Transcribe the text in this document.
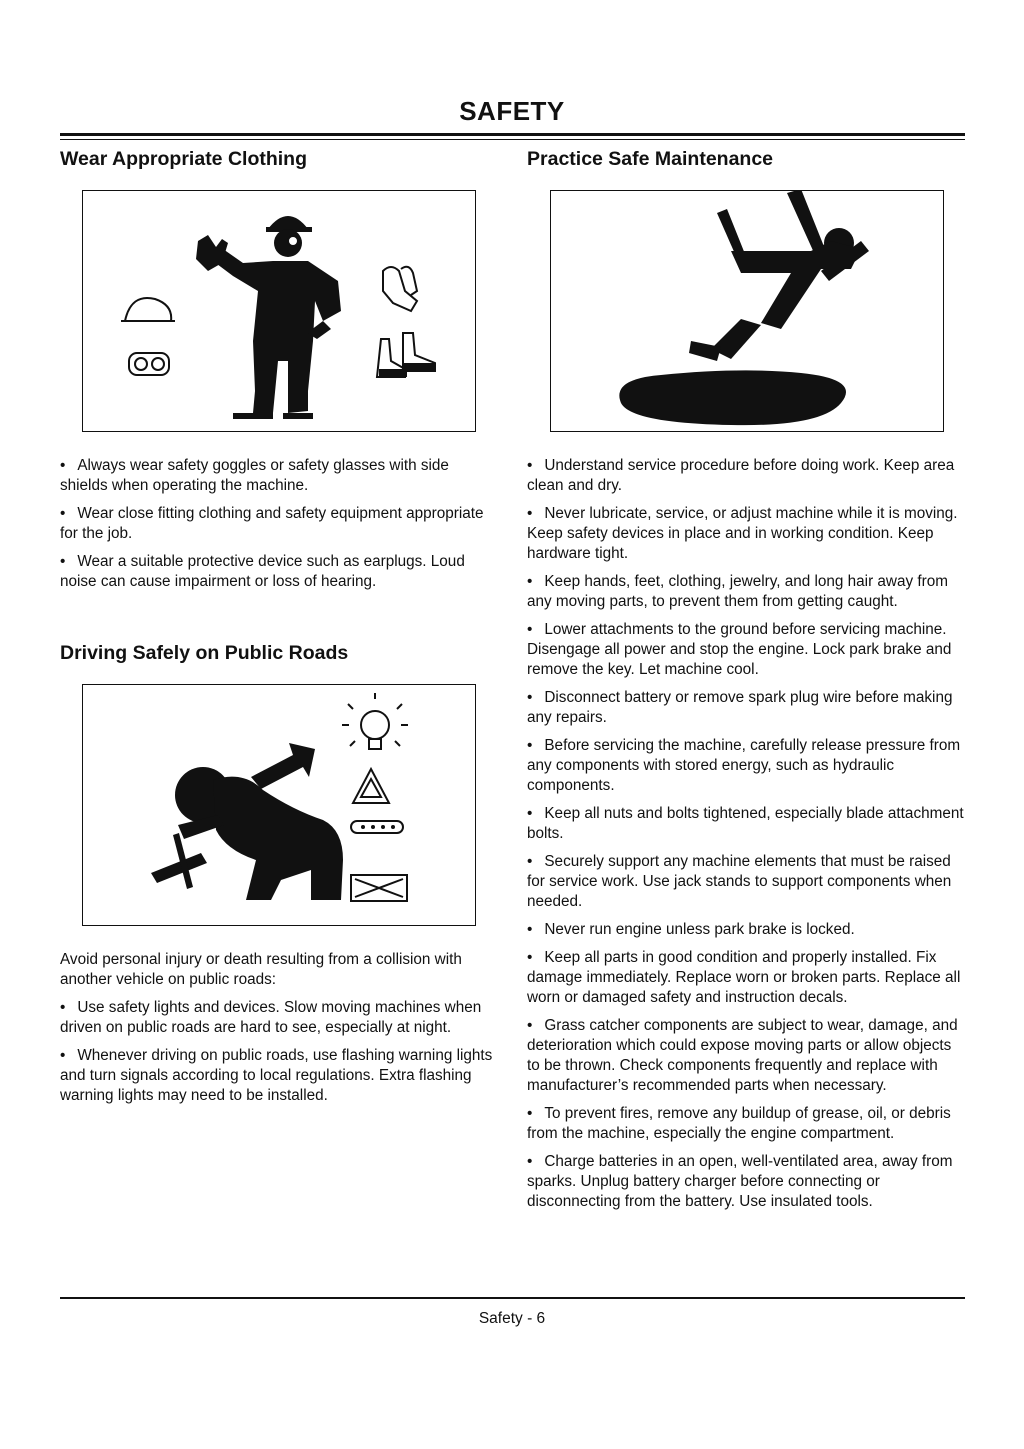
SAFETY
Wear Appropriate Clothing

• Always wear safety goggles or safety glasses with side shields when operating the machine.

• Wear close fitting clothing and safety equipment appropriate for the job.

• Wear a suitable protective device such as earplugs. Loud noise can cause impairment or loss of hearing.

Driving Safely on Public Roads

Avoid personal injury or death resulting from a collision with another vehicle on public roads:

• Use safety lights and devices. Slow moving machines when driven on public roads are hard to see, especially at night.

• Whenever driving on public roads, use flashing warning lights and turn signals according to local regulations. Extra flashing warning lights may need to be installed.

Practice Safe Maintenance

• Understand service procedure before doing work. Keep area clean and dry.

• Never lubricate, service, or adjust machine while it is moving. Keep safety devices in place and in working condition. Keep hardware tight.

• Keep hands, feet, clothing, jewelry, and long hair away from any moving parts, to prevent them from getting caught.

• Lower attachments to the ground before servicing machine. Disengage all power and stop the engine. Lock park brake and remove the key. Let machine cool.

• Disconnect battery or remove spark plug wire before making any repairs.

• Before servicing the machine, carefully release pressure from any components with stored energy, such as hydraulic components.

• Keep all nuts and bolts tightened, especially blade attachment bolts.

• Securely support any machine elements that must be raised for service work. Use jack stands to support components when needed.

• Never run engine unless park brake is locked.

• Keep all parts in good condition and properly installed. Fix damage immediately. Replace worn or broken parts. Replace all worn or damaged safety and instruction decals.

• Grass catcher components are subject to wear, damage, and deterioration which could expose moving parts or allow objects to be thrown. Check components frequently and replace with manufacturer’s recommended parts when necessary.

• To prevent fires, remove any buildup of grease, oil, or debris from the machine, especially the engine compartment.

• Charge batteries in an open, well-ventilated area, away from sparks. Unplug battery charger before connecting or disconnecting from the battery. Use insulated tools.

Safety - 6
